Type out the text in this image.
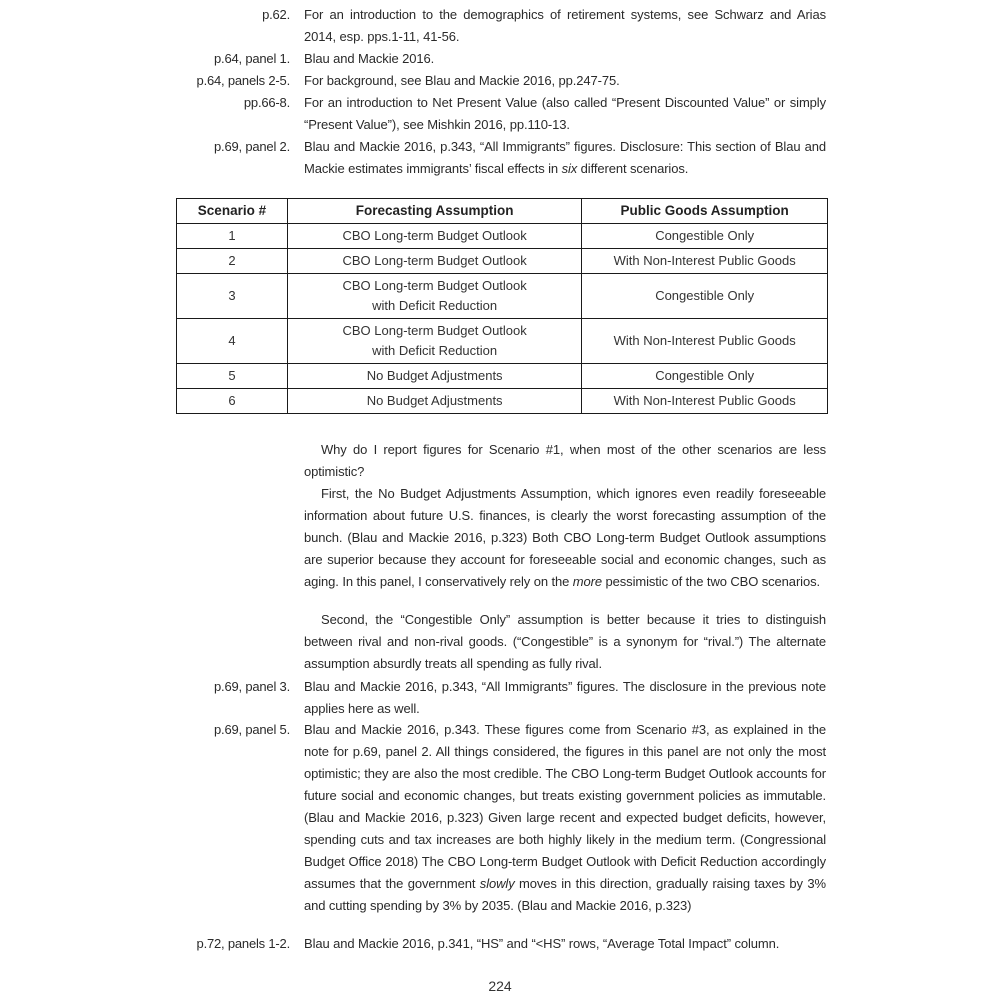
p.62. For an introduction to the demographics of retirement systems, see Schwarz and Arias 2014, esp. pps.1-11, 41-56.
p.64, panel 1. Blau and Mackie 2016.
p.64, panels 2-5. For background, see Blau and Mackie 2016, pp.247-75.
pp.66-8. For an introduction to Net Present Value (also called “Present Discounted Value” or simply “Present Value”), see Mishkin 2016, pp.110-13.
p.69, panel 2. Blau and Mackie 2016, p.343, “All Immigrants” figures. Disclosure: This section of Blau and Mackie estimates immigrants’ fiscal effects in six different scenarios.
Scenario #	Forecasting Assumption	Public Goods Assumption
1	CBO Long-term Budget Outlook	Congestible Only
2	CBO Long-term Budget Outlook	With Non-Interest Public Goods
3	CBO Long-term Budget Outlook
with Deficit Reduction	Congestible Only
4	CBO Long-term Budget Outlook
with Deficit Reduction	With Non-Interest Public Goods
5	No Budget Adjustments	Congestible Only
6	No Budget Adjustments	With Non-Interest Public Goods
Why do I report figures for Scenario #1, when most of the other scenarios are less optimistic?
First, the No Budget Adjustments Assumption, which ignores even readily foreseeable information about future U.S. finances, is clearly the worst forecasting assumption of the bunch. (Blau and Mackie 2016, p.323) Both CBO Long-term Budget Outlook assumptions are superior because they account for foreseeable social and economic changes, such as aging. In this panel, I conservatively rely on the more pessimistic of the two CBO scenarios.
Second, the “Congestible Only” assumption is better because it tries to distinguish between rival and non-rival goods. (“Congestible” is a synonym for “rival.”) The alternate assumption absurdly treats all spending as fully rival.
p.69, panel 3. Blau and Mackie 2016, p.343, “All Immigrants” figures. The disclosure in the previous note applies here as well.
p.69, panel 5. Blau and Mackie 2016, p.343. These figures come from Scenario #3, as explained in the note for p.69, panel 2. All things considered, the figures in this panel are not only the most optimistic; they are also the most credible. The CBO Long-term Budget Outlook accounts for future social and economic changes, but treats existing government policies as immutable. (Blau and Mackie 2016, p.323) Given large recent and expected budget deficits, however, spending cuts and tax increases are both highly likely in the medium term. (Congressional Budget Office 2018) The CBO Long-term Budget Outlook with Deficit Reduction accordingly assumes that the government slowly moves in this direction, gradually raising taxes by 3% and cutting spending by 3% by 2035. (Blau and Mackie 2016, p.323)
p.72, panels 1-2. Blau and Mackie 2016, p.341, “HS” and “<HS” rows, “Average Total Impact” column.
224
